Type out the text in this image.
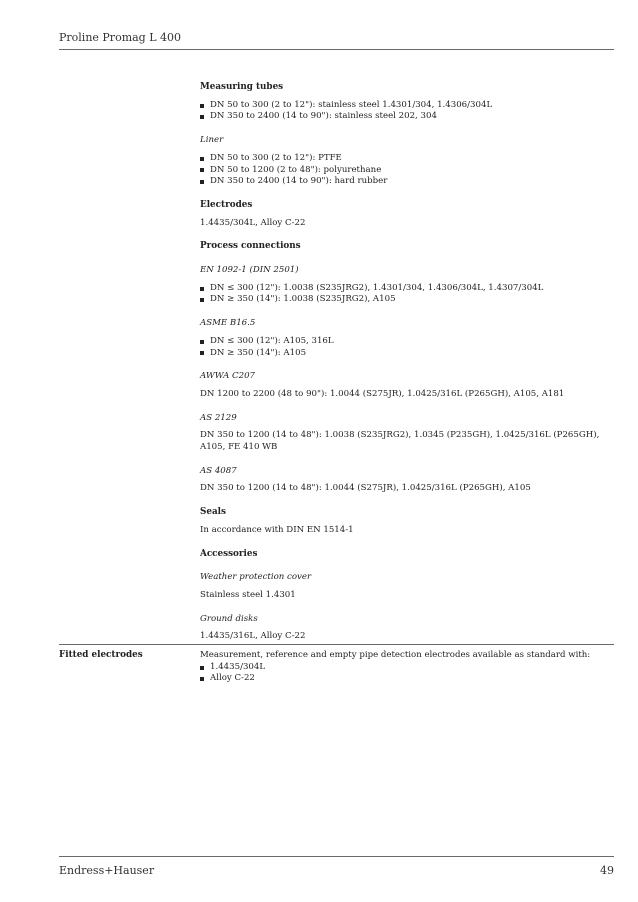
Proline Promag L 400
Measuring tubes
DN 50 to 300 (2 to 12"): stainless steel 1.4301/304, 1.4306/304L
DN 350 to 2400 (14 to 90"): stainless steel 202, 304
Liner
DN 50 to 300 (2 to 12"): PTFE
DN 50 to 1200 (2 to 48"): polyurethane
DN 350 to 2400 (14 to 90"): hard rubber
Electrodes
1.4435/304L, Alloy C-22
Process connections
EN 1092-1 (DIN 2501)
DN ≤ 300 (12"): 1.0038 (S235JRG2), 1.4301/304, 1.4306/304L, 1.4307/304L
DN ≥ 350 (14"): 1.0038 (S235JRG2), A105
ASME B16.5
DN ≤ 300 (12"): A105, 316L
DN ≥ 350 (14"): A105
AWWA C207
DN 1200 to 2200 (48 to 90"): 1.0044 (S275JR), 1.0425/316L (P265GH), A105, A181
AS 2129
DN 350 to 1200 (14 to 48"): 1.0038 (S235JRG2), 1.0345 (P235GH), 1.0425/316L (P265GH), A105, FE 410 WB
AS 4087
DN 350 to 1200 (14 to 48"): 1.0044 (S275JR), 1.0425/316L (P265GH), A105
Seals
In accordance with DIN EN 1514-1
Accessories
Weather protection cover
Stainless steel 1.4301
Ground disks
1.4435/316L, Alloy C-22
Fitted electrodes	Measurement, reference and empty pipe detection electrodes available as standard with:
1.4435/304L
Alloy C-22
Endress+Hauser	49
